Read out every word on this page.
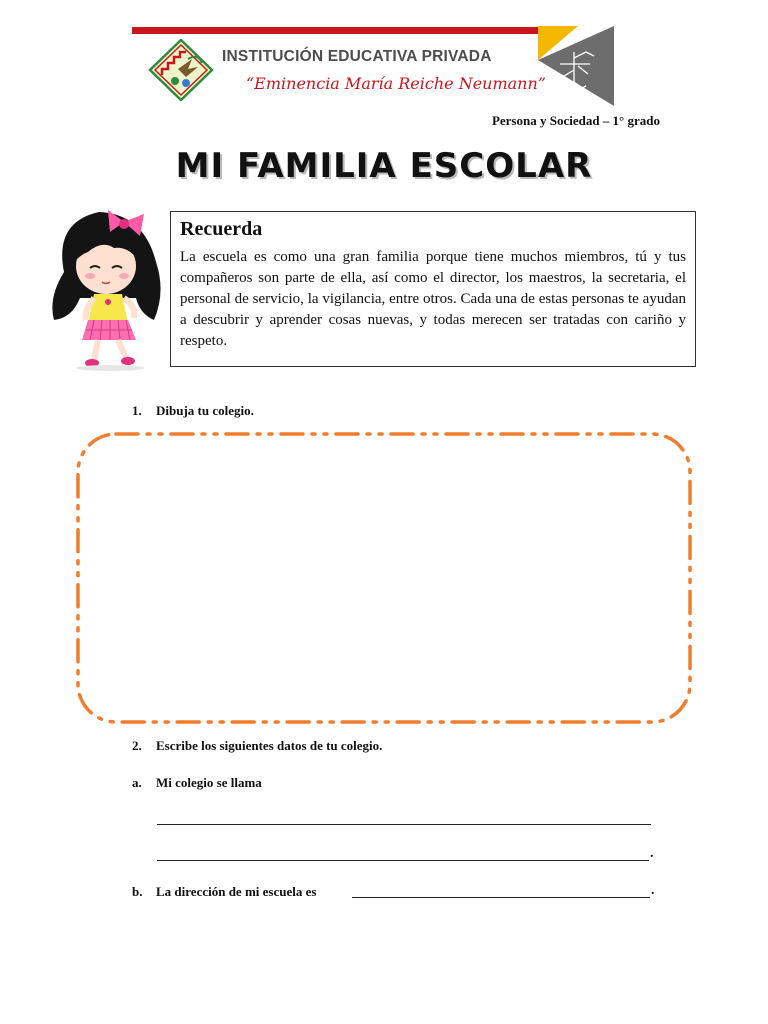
INSTITUCIÓN EDUCATIVA PRIVADA
“Eminencia María Reiche Neumann”
Persona y Sociedad – 1° grado
MI FAMILIA ESCOLAR
Recuerda
La escuela es como una gran familia porque tiene muchos miembros, tú y tus compañeros son parte de ella, así como el director, los maestros, la secretaria, el personal de servicio, la vigilancia, entre otros. Cada una de estas personas te ayudan a descubrir y aprender cosas nuevas, y todas merecen ser tratadas con cariño y respeto.
1. Dibuja tu colegio.
2. Escribe los siguientes datos de tu colegio.
a. Mi colegio se llama
.
b. La dirección de mi escuela es	.
